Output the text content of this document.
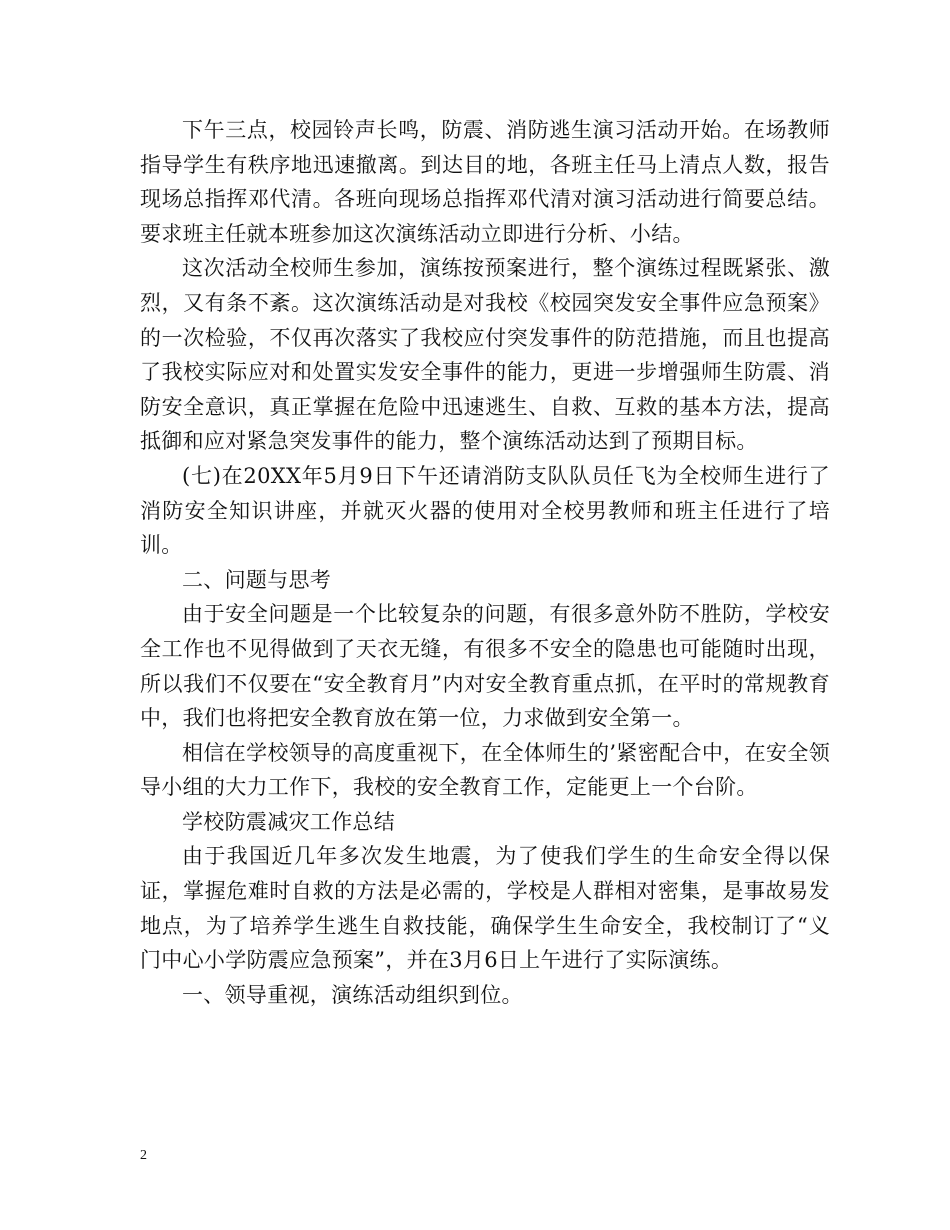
下午三点，校园铃声长鸣，防震、消防逃生演习活动开始。在场教师指导学生有秩序地迅速撤离。到达目的地，各班主任马上清点人数，报告现场总指挥邓代清。各班向现场总指挥邓代清对演习活动进行简要总结。要求班主任就本班参加这次演练活动立即进行分析、小结。

这次活动全校师生参加，演练按预案进行，整个演练过程既紧张、激烈，又有条不紊。这次演练活动是对我校《校园突发安全事件应急预案》的一次检验，不仅再次落实了我校应付突发事件的防范措施，而且也提高了我校实际应对和处置实发安全事件的能力，更进一步增强师生防震、消防安全意识，真正掌握在危险中迅速逃生、自救、互救的基本方法，提高抵御和应对紧急突发事件的能力，整个演练活动达到了预期目标。

(七)在20XX年5月9日下午还请消防支队队员任飞为全校师生进行了消防安全知识讲座，并就灭火器的使用对全校男教师和班主任进行了培训。

二、问题与思考

由于安全问题是一个比较复杂的问题，有很多意外防不胜防，学校安全工作也不见得做到了天衣无缝，有很多不安全的隐患也可能随时出现，所以我们不仅要在“安全教育月”内对安全教育重点抓，在平时的常规教育中，我们也将把安全教育放在第一位，力求做到安全第一。

相信在学校领导的高度重视下，在全体师生的’紧密配合中，在安全领导小组的大力工作下，我校的安全教育工作，定能更上一个台阶。

学校防震减灾工作总结

由于我国近几年多次发生地震，为了使我们学生的生命安全得以保证，掌握危难时自救的方法是必需的，学校是人群相对密集，是事故易发地点，为了培养学生逃生自救技能，确保学生生命安全，我校制订了“义门中心小学防震应急预案”，并在3月6日上午进行了实际演练。

一、领导重视，演练活动组织到位。

2
